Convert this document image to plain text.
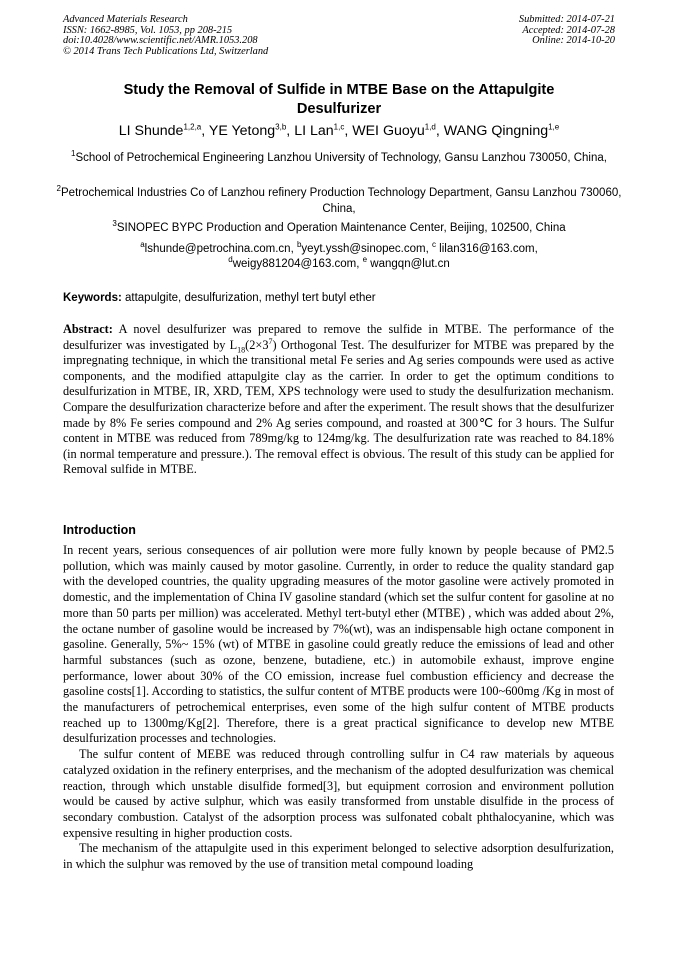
Advanced Materials Research
ISSN: 1662-8985, Vol. 1053, pp 208-215
doi:10.4028/www.scientific.net/AMR.1053.208
© 2014 Trans Tech Publications Ltd, Switzerland
Submitted: 2014-07-21
Accepted: 2014-07-28
Online: 2014-10-20
Study the Removal of Sulfide in MTBE Base on the Attapulgite Desulfurizer
LI Shunde$^{1,2,a}$, YE Yetong$^{3,b}$, LI Lan$^{1,c}$, WEI Guoyu$^{1,d}$, WANG Qingning$^{1,e}$
$^1$School of Petrochemical Engineering Lanzhou University of Technology, Gansu Lanzhou 730050, China,
$^2$Petrochemical Industries Co of Lanzhou refinery Production Technology Department, Gansu Lanzhou 730060, China,
$^3$SINOPEC BYPC Production and Operation Maintenance Center, Beijing, 102500, China
$^a$lshunde@petrochina.com.cn, $^b$yeyt.yssh@sinopec.com, $^c$ lilan316@163.com,
$^d$weigy881204@163.com, $^e$ wangqn@lut.cn
Keywords: attapulgite, desulfurization, methyl tert butyl ether
Abstract: A novel desulfurizer was prepared to remove the sulfide in MTBE. The performance of the desulfurizer was investigated by $L_{18}(2\times 3^7)$ Orthogonal Test. The desulfurizer for MTBE was prepared by the impregnating technique, in which the transitional metal Fe series and Ag series compounds were used as active components, and the modified attapulgite clay as the carrier. In order to get the optimum conditions to desulfurization in MTBE, IR, XRD, TEM, XPS technology were used to study the desulfurization mechanism. Compare the desulfurization characterize before and after the experiment. The result shows that the desulfurizer made by 8% Fe series compound and 2% Ag series compound, and roasted at 300℃ for 3 hours. The Sulfur content in MTBE was reduced from 789mg/kg to 124mg/kg. The desulfurization rate was reached to 84.18% (in normal temperature and pressure.). The removal effect is obvious. The result of this study can be applied for Removal sulfide in MTBE.
Introduction

In recent years, serious consequences of air pollution were more fully known by people because of PM2.5 pollution, which was mainly caused by motor gasoline. Currently, in order to reduce the quality standard gap with the developed countries, the quality upgrading measures of the motor gasoline were actively promoted in domestic, and the implementation of China IV gasoline standard (which set the sulfur content for gasoline at no more than 50 parts per million) was accelerated. Methyl tert-butyl ether (MTBE) , which was added about 2%, the octane number of gasoline would be increased by 7%(wt), was an indispensable high octane component in gasoline. Generally, 5%~ 15% (wt) of MTBE in gasoline could greatly reduce the emissions of lead and other harmful substances (such as ozone, benzene, butadiene, etc.) in automobile exhaust, improve engine performance, lower about 30% of the CO emission, increase fuel combustion efficiency and decrease the gasoline costs[1]. According to statistics, the sulfur content of MTBE products were 100~600mg /Kg in most of the manufacturers of petrochemical enterprises, even some of the high sulfur content of MTBE products reached up to 1300mg/Kg[2]. Therefore, there is a great practical significance to develop new MTBE desulfurization processes and technologies.

The sulfur content of MEBE was reduced through controlling sulfur in C4 raw materials by aqueous catalyzed oxidation in the refinery enterprises, and the mechanism of the adopted desulfurization was chemical reaction, through which unstable disulfide formed[3], but equipment corrosion and environment pollution would be caused by active sulphur, which was easily transformed from unstable disulfide in the process of secondary combustion. Catalyst of the adsorption process was sulfonated cobalt phthalocyanine, which was expensive resulting in higher production costs.

The mechanism of the attapulgite used in this experiment belonged to selective adsorption desulfurization, in which the sulphur was removed by the use of transition metal compound loading
